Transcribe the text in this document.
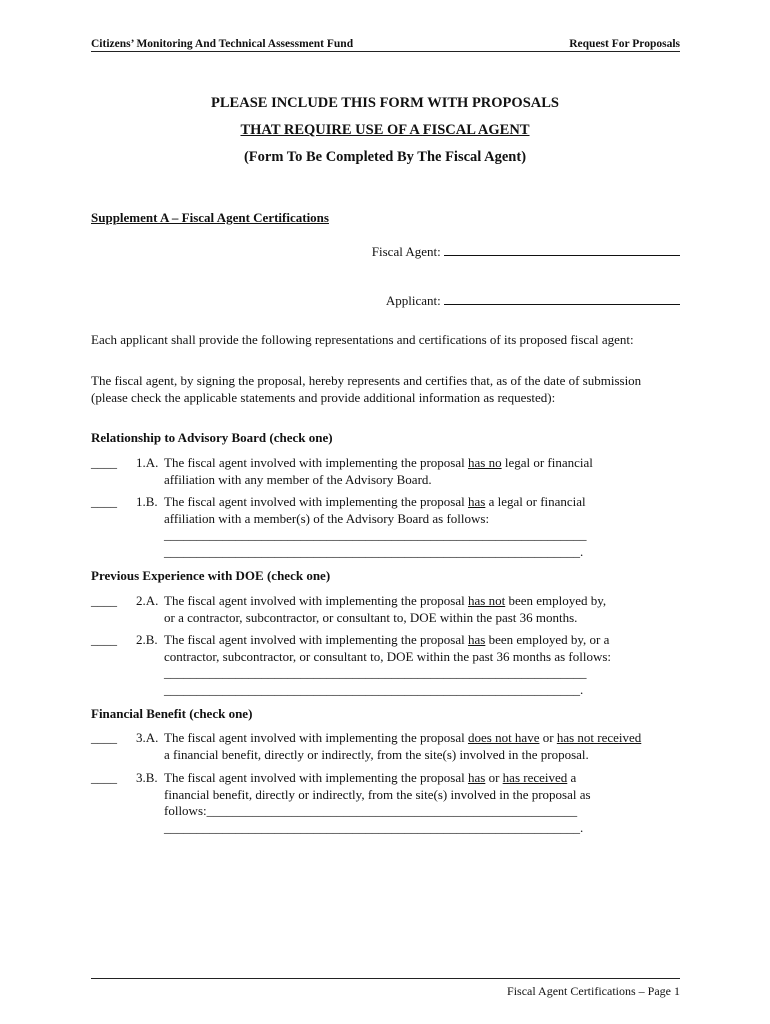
Citizens’ Monitoring And Technical Assessment Fund	Request For Proposals
PLEASE INCLUDE THIS FORM WITH PROPOSALS
THAT REQUIRE USE OF A FISCAL AGENT
(Form To Be Completed By The Fiscal Agent)
Supplement A – Fiscal Agent Certifications
Fiscal Agent:
Applicant:
Each applicant shall provide the following representations and certifications of its proposed fiscal agent:
The fiscal agent, by signing the proposal, hereby represents and certifies that, as of the date of submission (please check the applicable statements and provide additional information as requested):
Relationship to Advisory Board (check one)
____ 1.A. The fiscal agent involved with implementing the proposal has no legal or financial
affiliation with any member of the Advisory Board.
____ 1.B. The fiscal agent involved with implementing the proposal has a legal or financial
affiliation with a member(s) of the Advisory Board as follows:
_________________________________________________________________
________________________________________________________________.
Previous Experience with DOE (check one)
____ 2.A. The fiscal agent involved with implementing the proposal has not been employed by,
or a contractor, subcontractor, or consultant to, DOE within the past 36 months.
____ 2.B. The fiscal agent involved with implementing the proposal has been employed by, or a
contractor, subcontractor, or consultant to, DOE within the past 36 months as follows:
_________________________________________________________________
________________________________________________________________.
Financial Benefit (check one)
____ 3.A. The fiscal agent involved with implementing the proposal does not have or has not received
a financial benefit, directly or indirectly, from the site(s) involved in the proposal.
____ 3.B. The fiscal agent involved with implementing the proposal has or has received a
financial benefit, directly or indirectly, from the site(s) involved in the proposal as
follows:_________________________________________________________
________________________________________________________________.
Fiscal Agent Certifications – Page 1
